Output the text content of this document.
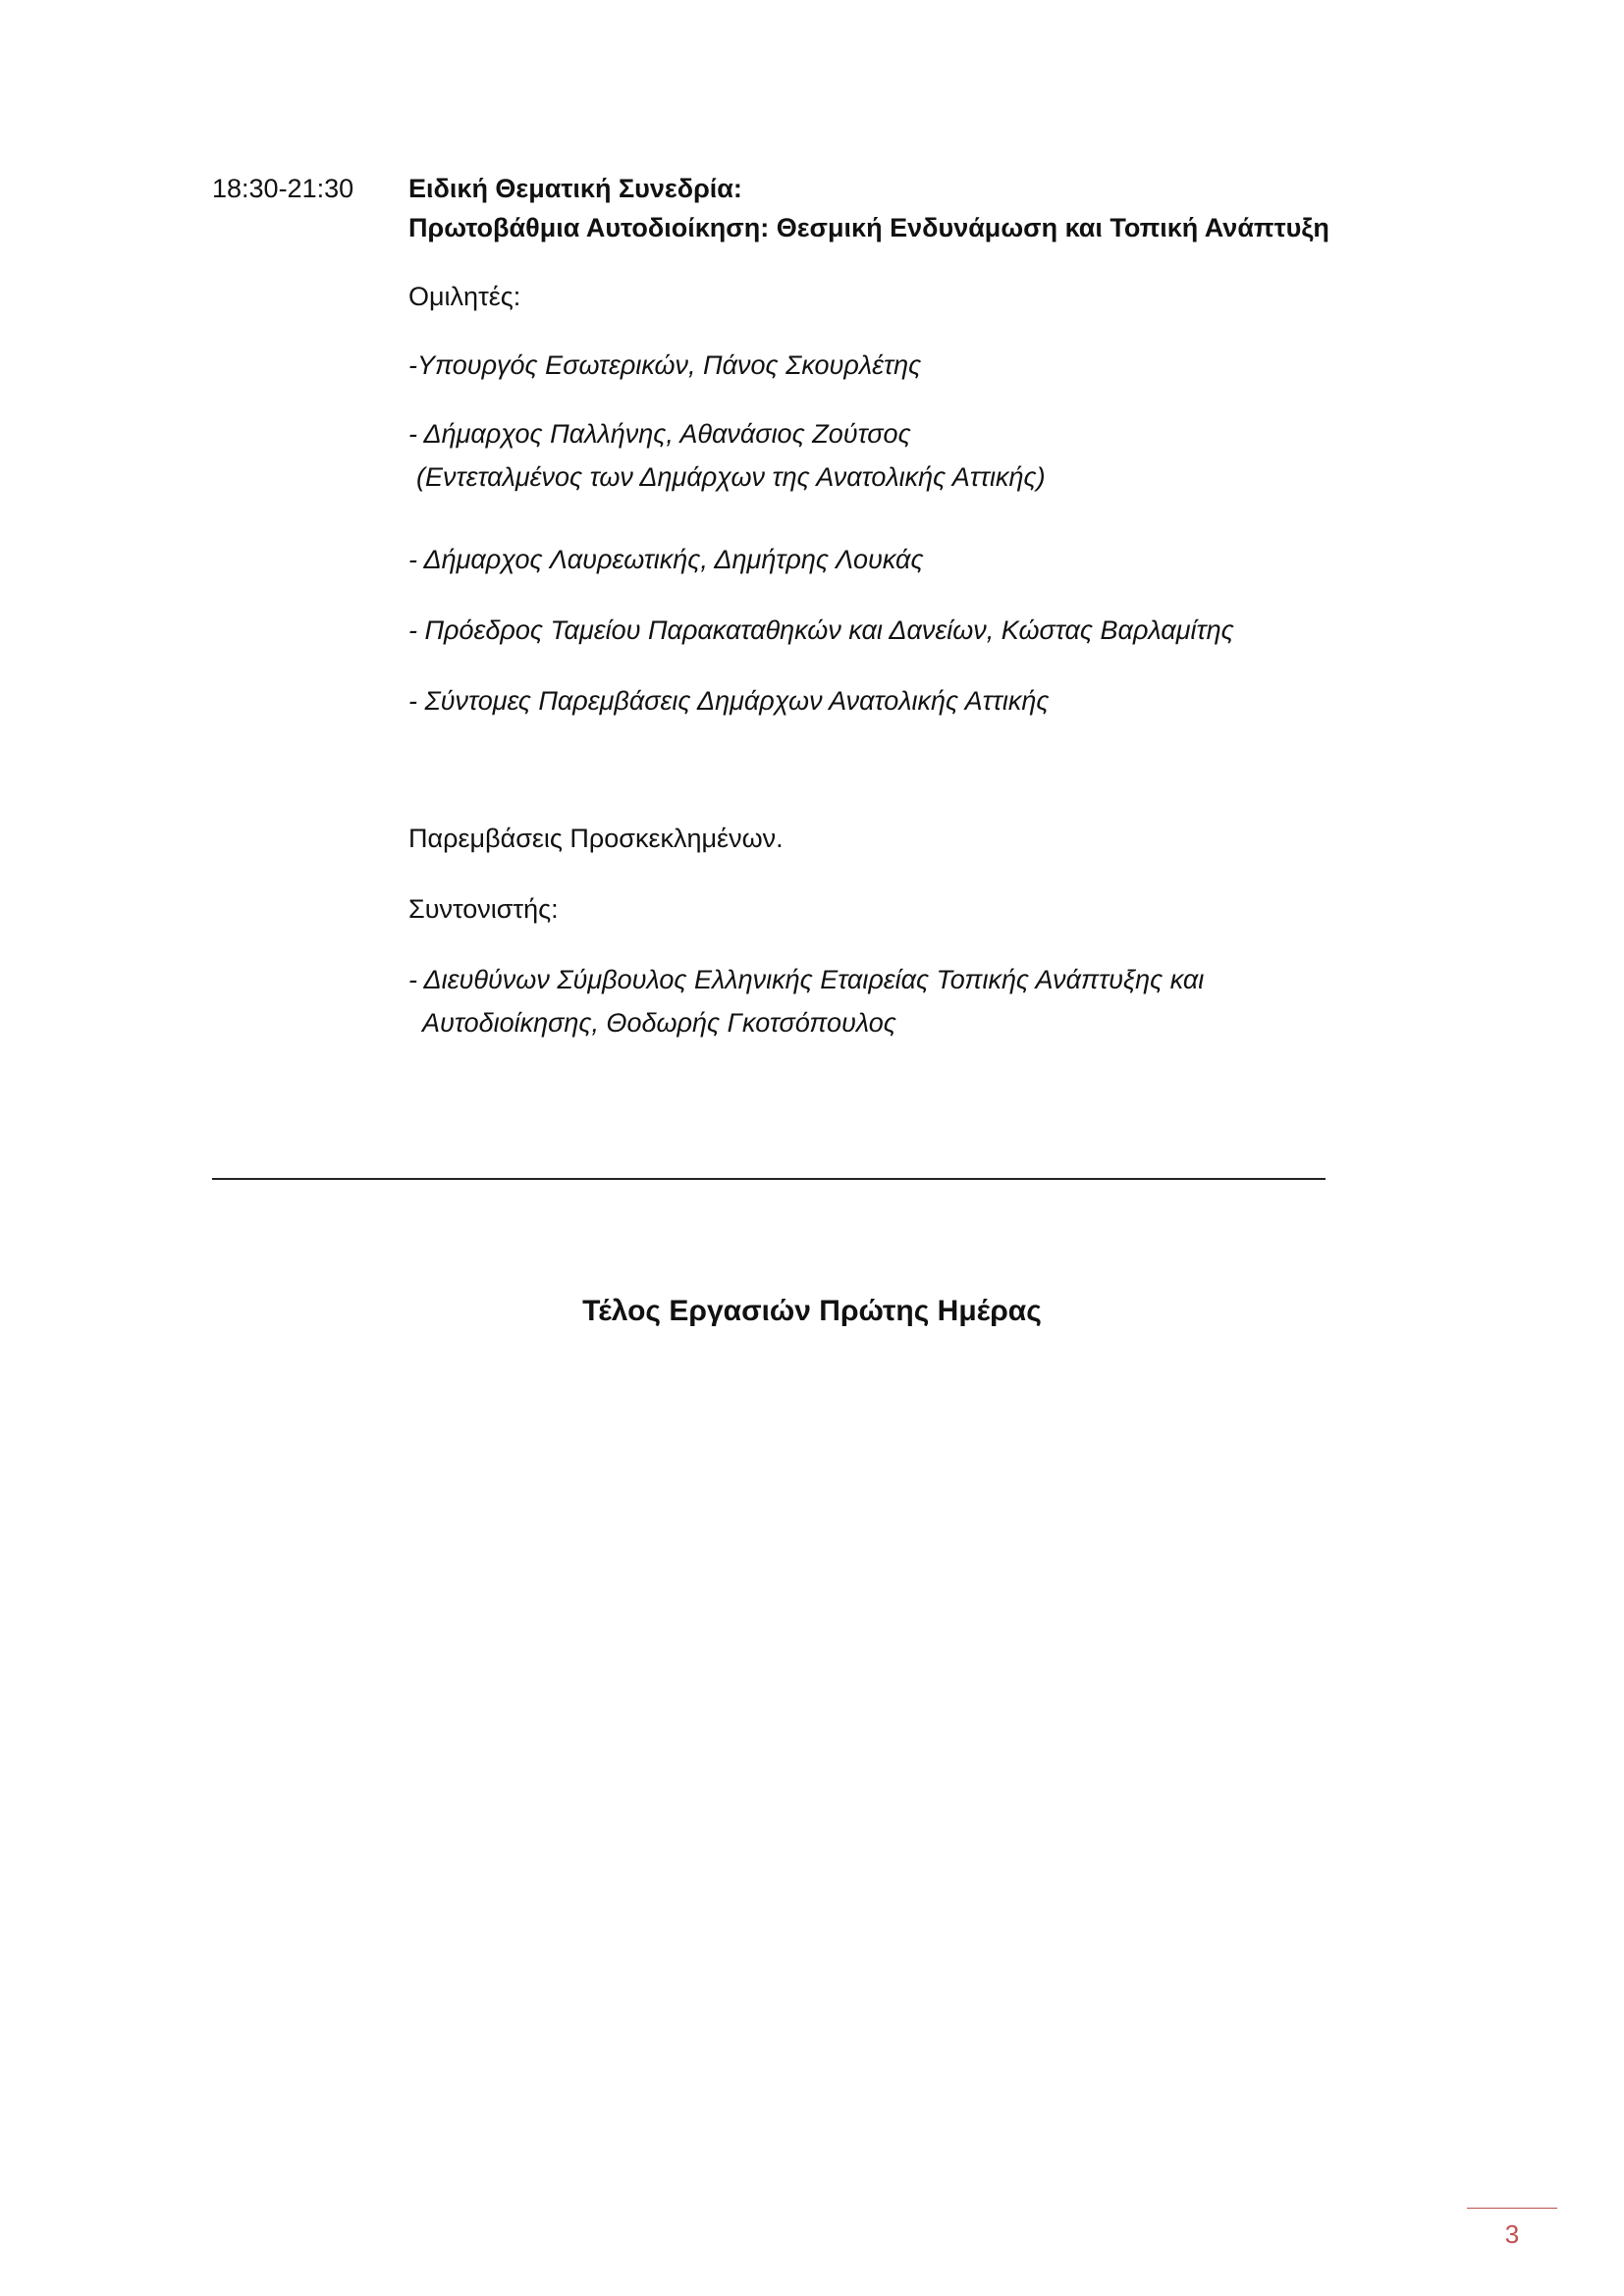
18:30-21:30 Ειδική Θεματική Συνεδρία:

Πρωτοβάθμια Αυτοδιοίκηση: Θεσμική Ενδυνάμωση και Τοπική Ανάπτυξη

Ομιλητές:

-Υπουργός Εσωτερικών, Πάνος Σκουρλέτης

- Δήμαρχος Παλλήνης, Αθανάσιος Ζούτσος

(Εντεταλμένος των Δημάρχων της Ανατολικής Αττικής)

- Δήμαρχος Λαυρεωτικής, Δημήτρης Λουκάς

- Πρόεδρος Ταμείου Παρακαταθηκών και Δανείων, Κώστας Βαρλαμίτης

- Σύντομες Παρεμβάσεις Δημάρχων Ανατολικής Αττικής

Παρεμβάσεις Προσκεκλημένων.

Συντονιστής:

- Διευθύνων Σύμβουλος Ελληνικής Εταιρείας Τοπικής Ανάπτυξης και

Αυτοδιοίκησης, Θοδωρής Γκοτσόπουλος

Τέλος Εργασιών Πρώτης Ημέρας
3
